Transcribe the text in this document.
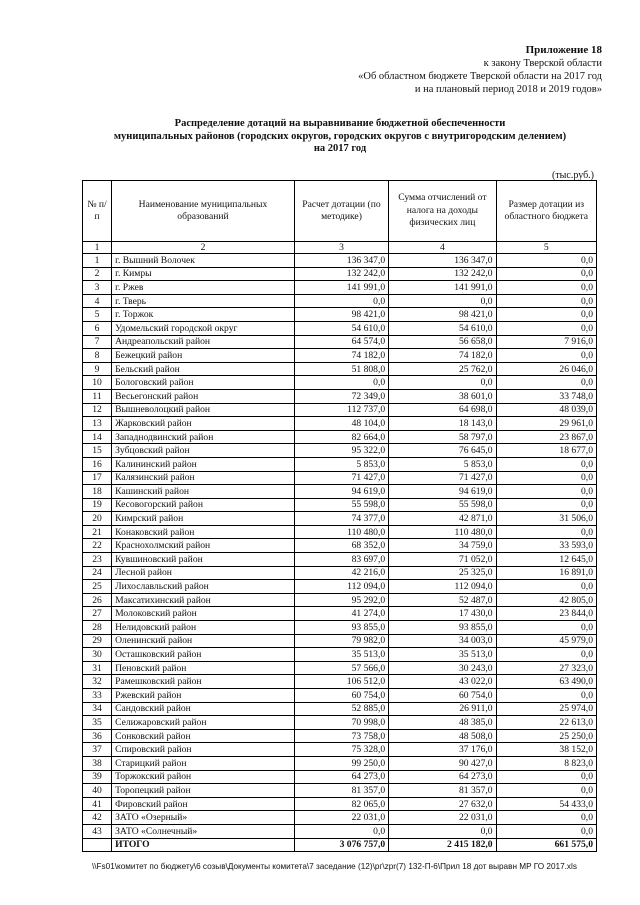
Приложение 18
к закону Тверской области
«Об областном бюджете Тверской области на 2017 год
и на плановый период 2018 и 2019 годов»
Распределение дотаций на выравнивание бюджетной обеспеченности
муниципальных районов (городских округов, городских округов с внутригородским делением)
на 2017 год
(тыс.руб.)
№ п/п	Наименование муниципальных образований	Расчет дотации (по методике)	Сумма отчислений от налога на доходы физических лиц	Размер дотации из областного бюджета
1	2	3	4	5
1	г. Вышний Волочек	136 347,0	136 347,0	0,0
2	г. Кимры	132 242,0	132 242,0	0,0
3	г. Ржев	141 991,0	141 991,0	0,0
4	г. Тверь	0,0	0,0	0,0
5	г. Торжок	98 421,0	98 421,0	0,0
6	Удомельский городской округ	54 610,0	54 610,0	0,0
7	Андреапольский район	64 574,0	56 658,0	7 916,0
8	Бежецкий район	74 182,0	74 182,0	0,0
9	Бельский район	51 808,0	25 762,0	26 046,0
10	Бологовский район	0,0	0,0	0,0
11	Весьегонский район	72 349,0	38 601,0	33 748,0
12	Вышневолоцкий район	112 737,0	64 698,0	48 039,0
13	Жарковский район	48 104,0	18 143,0	29 961,0
14	Западнодвинский район	82 664,0	58 797,0	23 867,0
15	Зубцовский район	95 322,0	76 645,0	18 677,0
16	Калининский район	5 853,0	5 853,0	0,0
17	Калязинский район	71 427,0	71 427,0	0,0
18	Кашинский район	94 619,0	94 619,0	0,0
19	Кесовогорский район	55 598,0	55 598,0	0,0
20	Кимрский район	74 377,0	42 871,0	31 506,0
21	Конаковский район	110 480,0	110 480,0	0,0
22	Краснохолмский район	68 352,0	34 759,0	33 593,0
23	Кувшиновский район	83 697,0	71 052,0	12 645,0
24	Лесной район	42 216,0	25 325,0	16 891,0
25	Лихославльский район	112 094,0	112 094,0	0,0
26	Максатихинский район	95 292,0	52 487,0	42 805,0
27	Молоковский район	41 274,0	17 430,0	23 844,0
28	Нелидовский район	93 855,0	93 855,0	0,0
29	Оленинский район	79 982,0	34 003,0	45 979,0
30	Осташковский район	35 513,0	35 513,0	0,0
31	Пеновский район	57 566,0	30 243,0	27 323,0
32	Рамешковский район	106 512,0	43 022,0	63 490,0
33	Ржевский район	60 754,0	60 754,0	0,0
34	Сандовский район	52 885,0	26 911,0	25 974,0
35	Селижаровский район	70 998,0	48 385,0	22 613,0
36	Сонковский район	73 758,0	48 508,0	25 250,0
37	Спировский район	75 328,0	37 176,0	38 152,0
38	Старицкий район	99 250,0	90 427,0	8 823,0
39	Торжокский район	64 273,0	64 273,0	0,0
40	Торопецкий район	81 357,0	81 357,0	0,0
41	Фировский район	82 065,0	27 632,0	54 433,0
42	ЗАТО «Озерный»	22 031,0	22 031,0	0,0
43	ЗАТО «Солнечный»	0,0	0,0	0,0
	ИТОГО	3 076 757,0	2 415 182,0	661 575,0
\\Fs01\комитет по бюджету\6 созыв\Документы комитета\7 заседание (12)\рг\zpr(7) 132-П-6\Прил 18 дот выравн МР ГО 2017.xls
